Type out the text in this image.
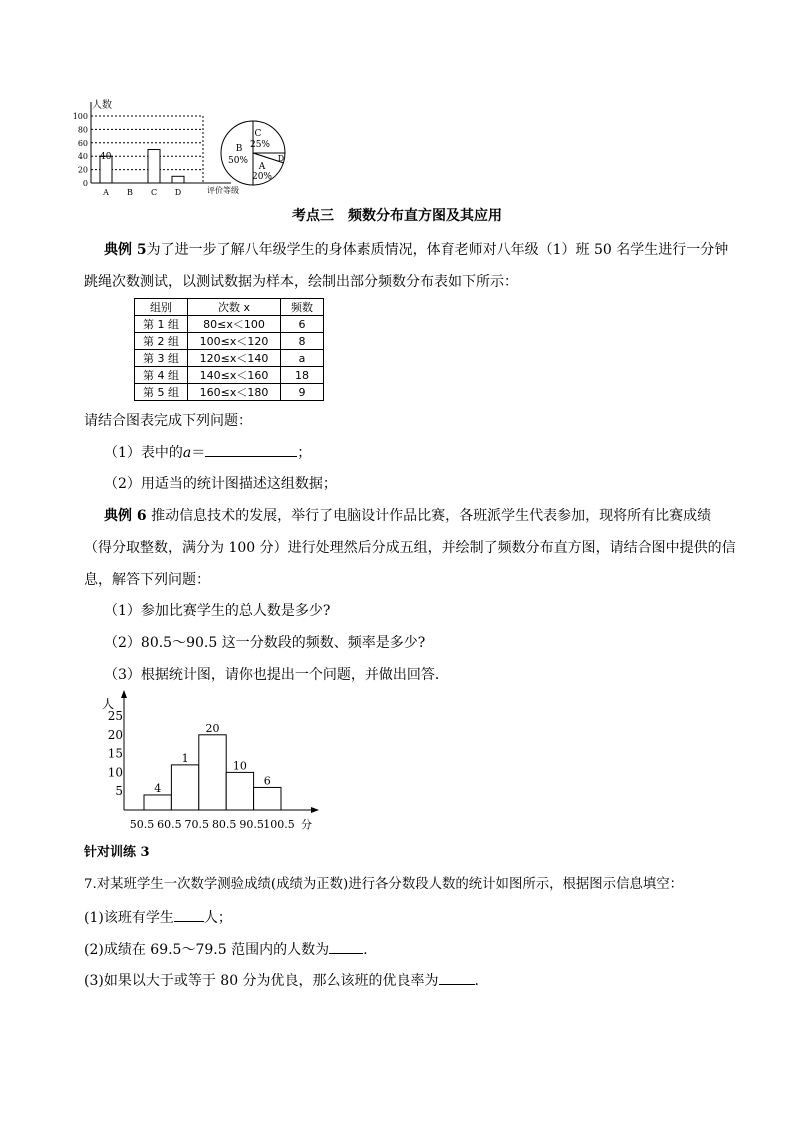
100
80
60
40
20
0
人数
A B C D
40
评价等级
C
25%
D
A
20%
B
50%
考点三　频数分布直方图及其应用
典例 5为了进一步了解八年级学生的身体素质情况，体育老师对八年级（1）班 50 名学生进行一分钟
跳绳次数测试，以测试数据为样本，绘制出部分频数分布表如下所示：
组别	次数 x	频数
第 1 组	80≤x＜100	6
第 2 组	100≤x＜120	8
第 3 组	120≤x＜140	a
第 4 组	140≤x＜160	18
第 5 组	160≤x＜180	9
请结合图表完成下列问题：
（1）表中的a＝	；
（2）用适当的统计图描述这组数据；
典例 6 推动信息技术的发展，举行了电脑设计作品比赛，各班派学生代表参加，现将所有比赛成绩
（得分取整数，满分为 100 分）进行处理然后分成五组，并绘制了频数分布直方图，请结合图中提供的信
息，解答下列问题：
（1）参加比赛学生的总人数是多少?
（2）80.5～90.5 这一分数段的频数、频率是多少?
（3）根据统计图，请你也提出一个问题，并做出回答．
人
25
20
15
10
5	4
1
20
10
6
50.5 60.5 70.5 80.5 90.5 100.5 分
针对训练 3
7.对某班学生一次数学测验成绩(成绩为正数)进行各分数段人数的统计如图所示，根据图示信息填空：
(1)该班有学生 人；
(2)成绩在 69.5～79.5 范围内的人数为 .
(3)如果以大于或等于 80 分为优良，那么该班的优良率为	.
